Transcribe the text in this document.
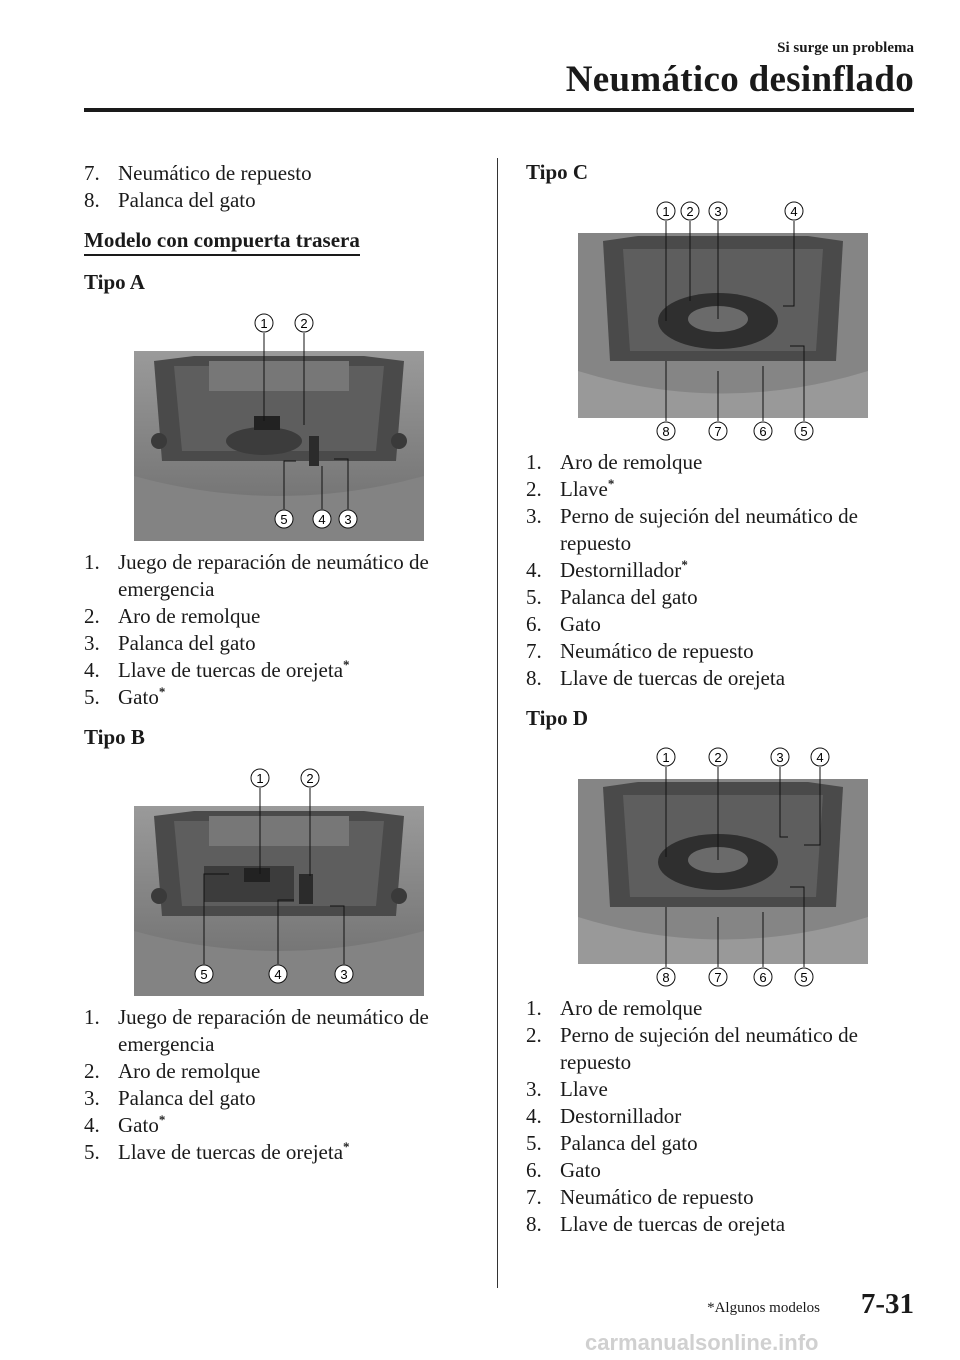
Si surge un problema
Neumático desinflado
7. Neumático de repuesto
8. Palanca del gato
Modelo con compuerta trasera
Tipo A
1	2
5 4 3
1. Juego de reparación de neumático de
emergencia
2. Aro de remolque
3. Palanca del gato
4. Llave de tuercas de orejeta*
5. Gato*
Tipo B
1	2
5	4	3
1. Juego de reparación de neumático de
emergencia
2. Aro de remolque
3. Palanca del gato
4. Gato*
5. Llave de tuercas de orejeta*
Tipo C
1 2 3	4
8	7	6	5
1. Aro de remolque
2. Llave*
3. Perno de sujeción del neumático de
repuesto
4. Destornillador*
5. Palanca del gato
6. Gato
7. Neumático de repuesto
8. Llave de tuercas de orejeta
Tipo D
1	2	3	4
8	7	6	5
1. Aro de remolque
2. Perno de sujeción del neumático de
repuesto
3. Llave
4. Destornillador
5. Palanca del gato
6. Gato
7. Neumático de repuesto
8. Llave de tuercas de orejeta
*Algunos modelos 7-31
carmanualsonline.info
